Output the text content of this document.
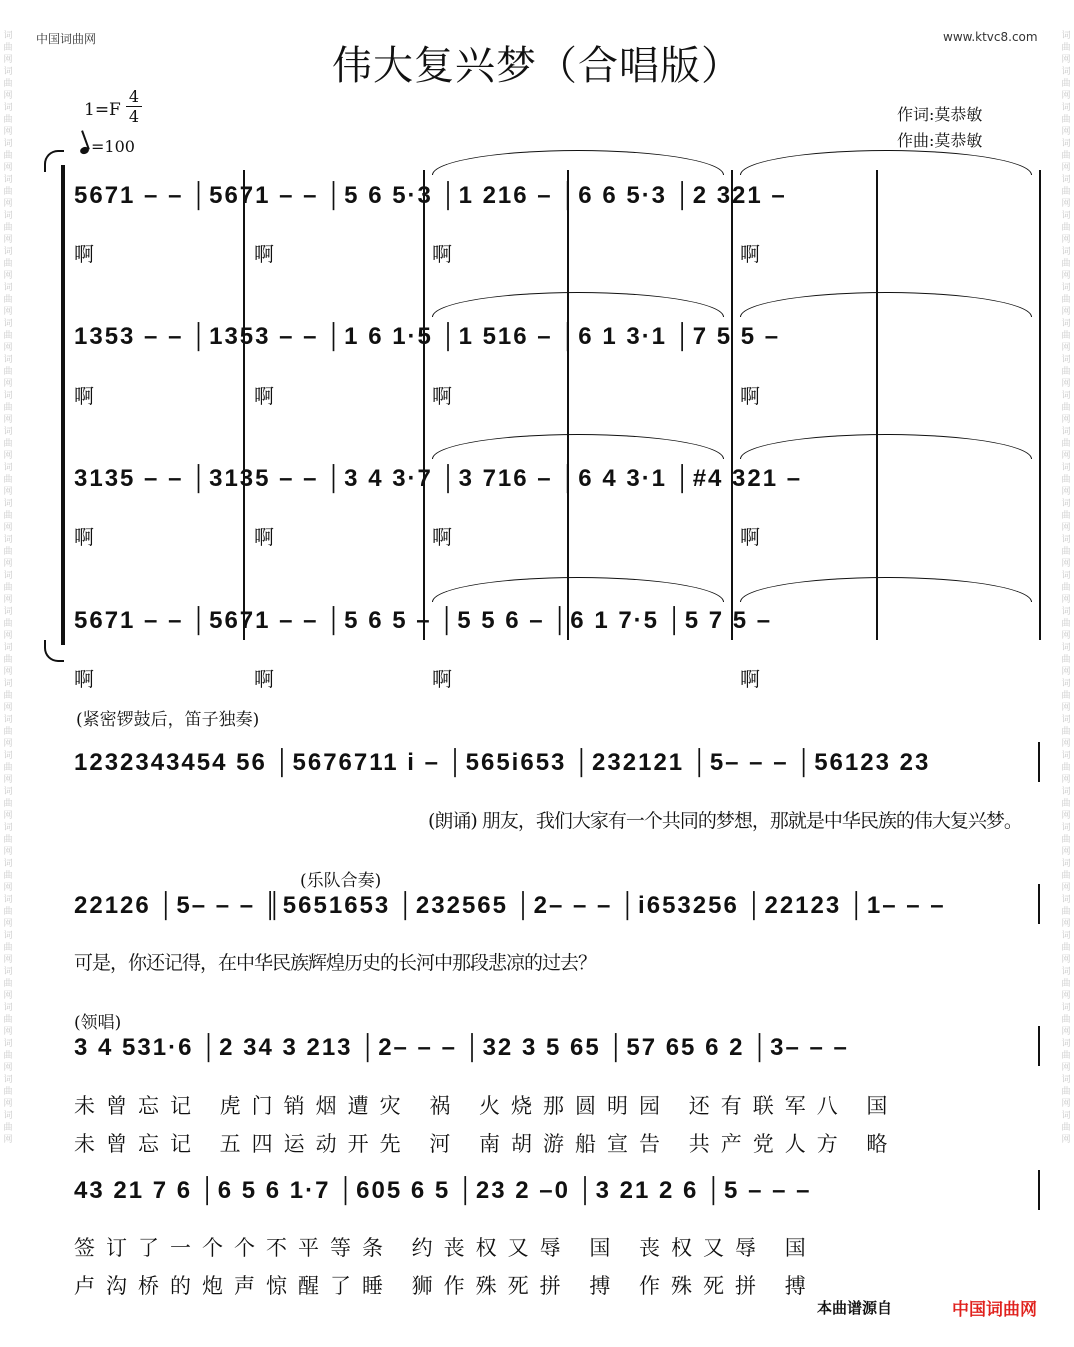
词曲网词曲网词曲网词曲网词曲网词曲网词曲网词曲网词曲网词曲网词曲网词曲网词曲网词曲网词曲网词曲网词曲网词曲网词曲网词曲网词曲网词曲网词曲网词曲网词曲网词曲网词曲网词曲网词曲网词曲网词曲网
词曲网词曲网词曲网词曲网词曲网词曲网词曲网词曲网词曲网词曲网词曲网词曲网词曲网词曲网词曲网词曲网词曲网词曲网词曲网词曲网词曲网词曲网词曲网词曲网词曲网词曲网词曲网词曲网词曲网词曲网词曲网
中国词曲网	www.ktvc8.com
伟大复兴梦（合唱版）
作词:莫恭敏
作曲:莫恭敏
1=F
4
4
=100
5671 – – │5671 – – │5 6 5·3 │1 216 – │6 6 5·3 │2 321 –
啊	啊	啊	啊
1353 – – │1353 – – │1 6 1·5 │1 516 – │6 1 3·1 │7 5 5 –
啊	啊	啊	啊
3135 – – │3135 – – │3 4 3·7 │3 716 – │6 4 3·1 │#4 321 –
啊	啊	啊	啊
5671 – – │5671 – – │5 6 5 – │5 5 6 – │6 1 7·5 │5 7 5 –
啊	啊	啊	啊
(紧密锣鼓后，笛子独奏)
1232343454 56 │5676711 i – │565i653 │232121 │5– – – │56123 23
(朗诵) 朋友，我们大家有一个共同的梦想，那就是中华民族的伟大复兴梦。
(乐队合奏)
22126 │5– – – ║5651653 │232565 │2– – – │i653256 │22123 │1– – –
可是，你还记得，在中华民族辉煌历史的长河中那段悲凉的过去？
(领唱)
3 4 531·6 │2 34 3 213 │2– – – │32 3 5 65 │57 65 6 2 │3– – –
未曾忘记 虎门销烟遭灾 祸 火烧那圆明园 还有联军八 国
未曾忘记 五四运动开先 河 南胡游船宣告 共产党人方 略
43 21 7 6 │6 5 6 1·7 │605 6 5 │23 2 –0 │3 21 2 6 │5 – – –
签订了一个个不平等条 约丧权又辱 国 丧权又辱 国
卢沟桥的炮声惊醒了睡 狮作殊死拼 搏 作殊死拼 搏
本曲谱源自	中国词曲网
